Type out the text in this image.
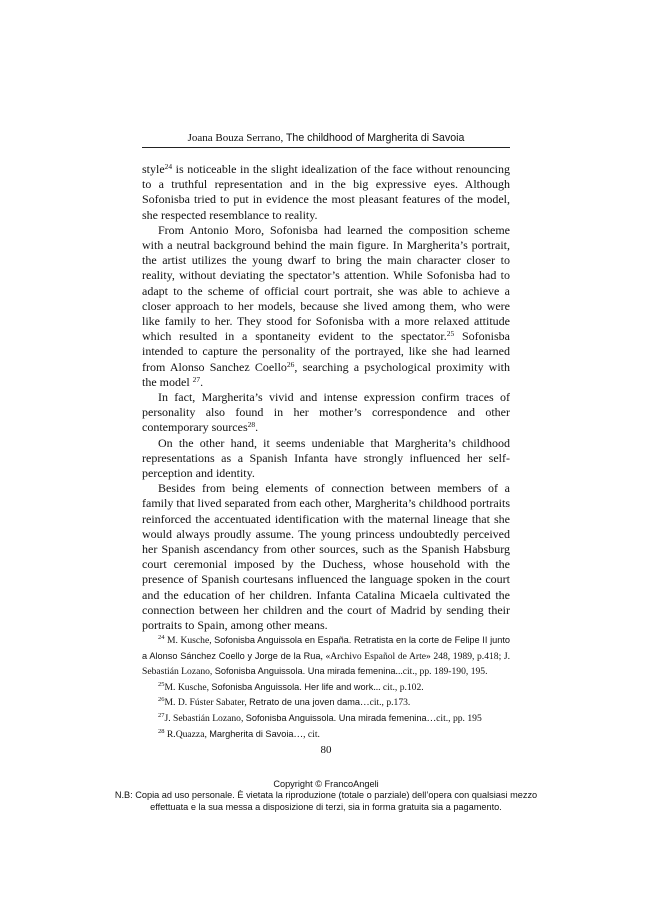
Joana Bouza Serrano, The childhood of Margherita di Savoia

style$^{24}$ is noticeable in the slight idealization of the face without renouncing to a truthful representation and in the big expressive eyes. Although Sofonisba tried to put in evidence the most pleasant features of the model, she respected resemblance to reality.

From Antonio Moro, Sofonisba had learned the composition scheme with a neutral background behind the main figure. In Margherita’s portrait, the artist utilizes the young dwarf to bring the main character closer to reality, without deviating the spectator’s attention. While Sofonisba had to adapt to the scheme of official court portrait, she was able to achieve a closer approach to her models, because she lived among them, who were like family to her. They stood for Sofonisba with a more relaxed attitude which resulted in a spontaneity evident to the spectator.$^{25}$ Sofonisba intended to capture the personality of the portrayed, like she had learned from Alonso Sanchez Coello$^{26}$, searching a psychological proximity with the model $^{27}$.

In fact, Margherita’s vivid and intense expression confirm traces of personality also found in her mother’s correspondence and other contemporary sources$^{28}$.

On the other hand, it seems undeniable that Margherita’s childhood representations as a Spanish Infanta have strongly influenced her self-perception and identity.

Besides from being elements of connection between members of a family that lived separated from each other, Margherita’s childhood portraits reinforced the accentuated identification with the maternal lineage that she would always proudly assume. The young princess undoubtedly perceived her Spanish ascendancy from other sources, such as the Spanish Habsburg court ceremonial imposed by the Duchess, whose household with the presence of Spanish courtesans influenced the language spoken in the court and the education of her children. Infanta Catalina Micaela cultivated the connection between her children and the court of Madrid by sending their portraits to Spain, among other means.

$^{24}$ M. Kusche, Sofonisba Anguissola en España. Retratista en la corte de Felipe II junto a Alonso Sánchez Coello y Jorge de la Rua, «Archivo Español de Arte» 248, 1989, p.418; J. Sebastián Lozano, Sofonisba Anguissola. Una mirada femenina...cit., pp. 189-190, 195.

$^{25}$M. Kusche, Sofonisba Anguissola. Her life and work... cit., p.102.

$^{26}$M. D. Fúster Sabater, Retrato de una joven dama…cit., p.173.

$^{27}$J. Sebastián Lozano, Sofonisba Anguissola. Una mirada femenina…cit., pp. 195

$^{28}$ R.Quazza, Margherita di Savoia…, cit.

80
Copyright © FrancoAngeli
N.B: Copia ad uso personale. È vietata la riproduzione (totale o parziale) dell’opera con qualsiasi mezzo effettuata e la sua messa a disposizione di terzi, sia in forma gratuita sia a pagamento.
